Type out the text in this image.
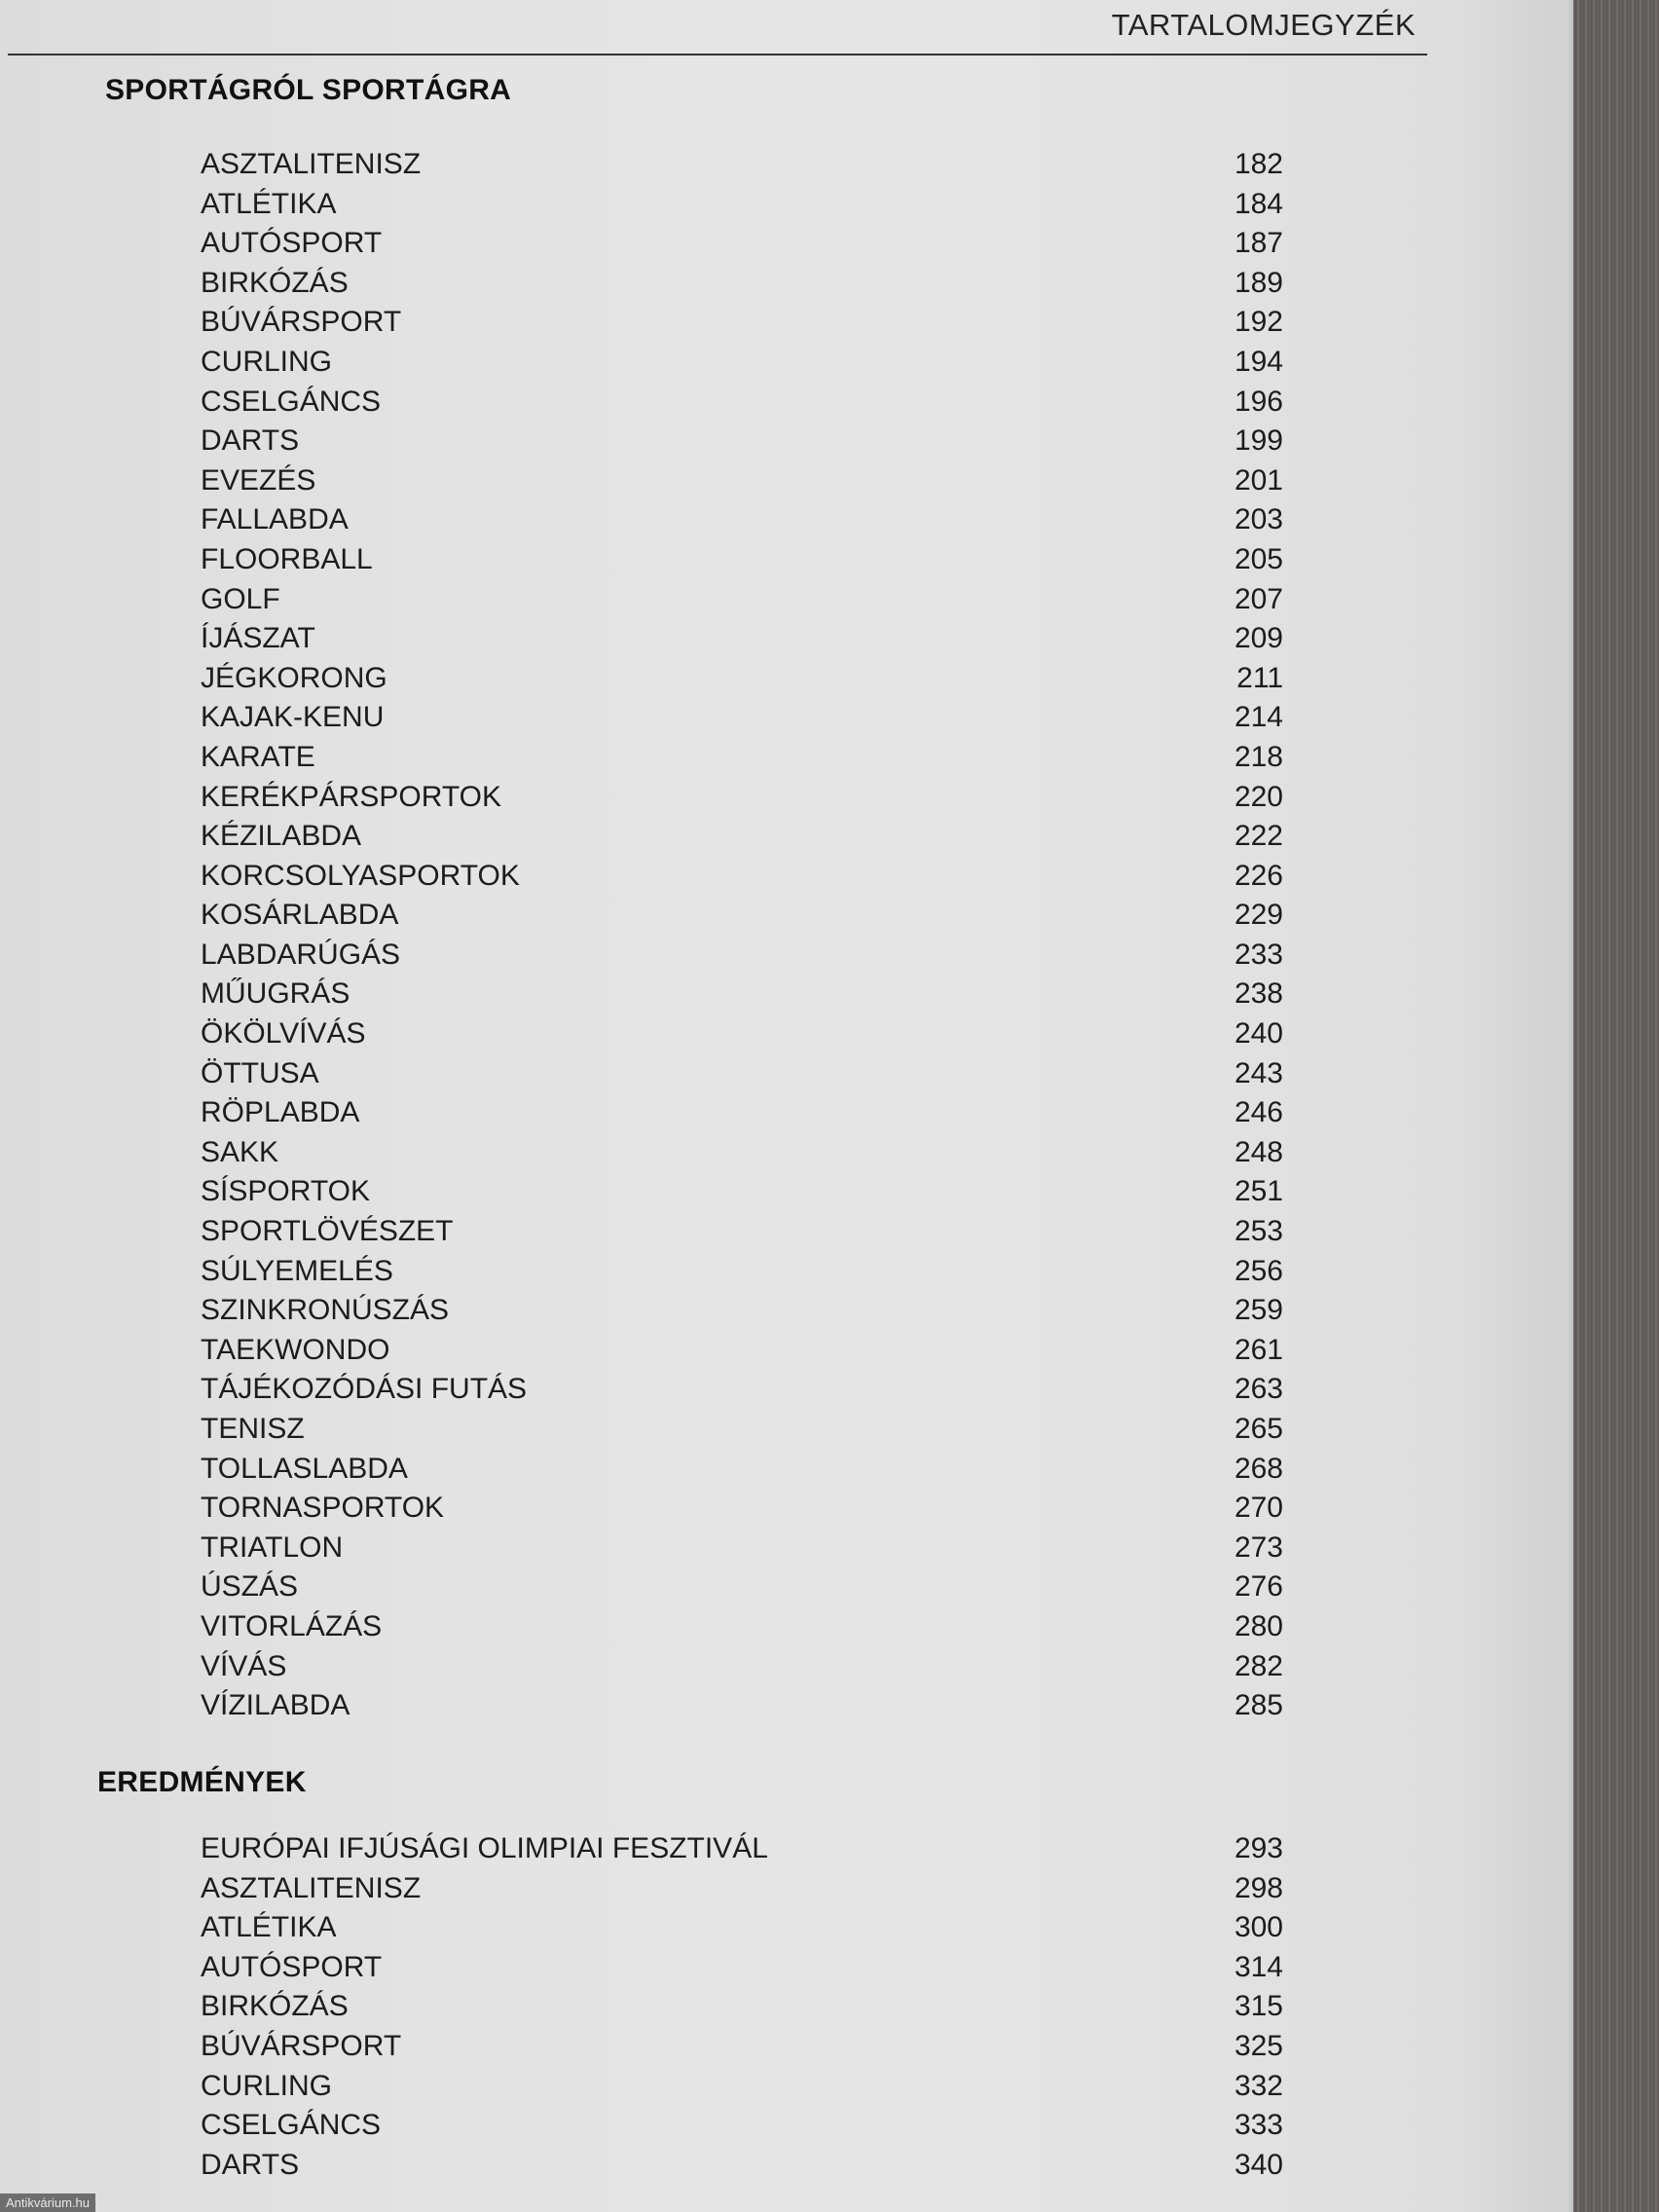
TARTALOMJEGYZÉK
SPORTÁGRÓL SPORTÁGRA
ASZTALITENISZ	182
ATLÉTIKA	184
AUTÓSPORT	187
BIRKÓZÁS	189
BÚVÁRSPORT	192
CURLING	194
CSELGÁNCS	196
DARTS	199
EVEZÉS	201
FALLABDA	203
FLOORBALL	205
GOLF	207
ÍJÁSZAT	209
JÉGKORONG	211
KAJAK-KENU	214
KARATE	218
KERÉKPÁRSPORTOK	220
KÉZILABDA	222
KORCSOLYASPORTOK	226
KOSÁRLABDA	229
LABDARÚGÁS	233
MŰUGRÁS	238
ÖKÖLVÍVÁS	240
ÖTTUSA	243
RÖPLABDA	246
SAKK	248
SÍSPORTOK	251
SPORTLÖVÉSZET	253
SÚLYEMELÉS	256
SZINKRONÚSZÁS	259
TAEKWONDO	261
TÁJÉKOZÓDÁSI FUTÁS	263
TENISZ	265
TOLLASLABDA	268
TORNASPORTOK	270
TRIATLON	273
ÚSZÁS	276
VITORLÁZÁS	280
VÍVÁS	282
VÍZILABDA	285
EREDMÉNYEK
EURÓPAI IFJÚSÁGI OLIMPIAI FESZTIVÁL	293
ASZTALITENISZ	298
ATLÉTIKA	300
AUTÓSPORT	314
BIRKÓZÁS	315
BÚVÁRSPORT	325
CURLING	332
CSELGÁNCS	333
DARTS	340
Antikvárium.hu
